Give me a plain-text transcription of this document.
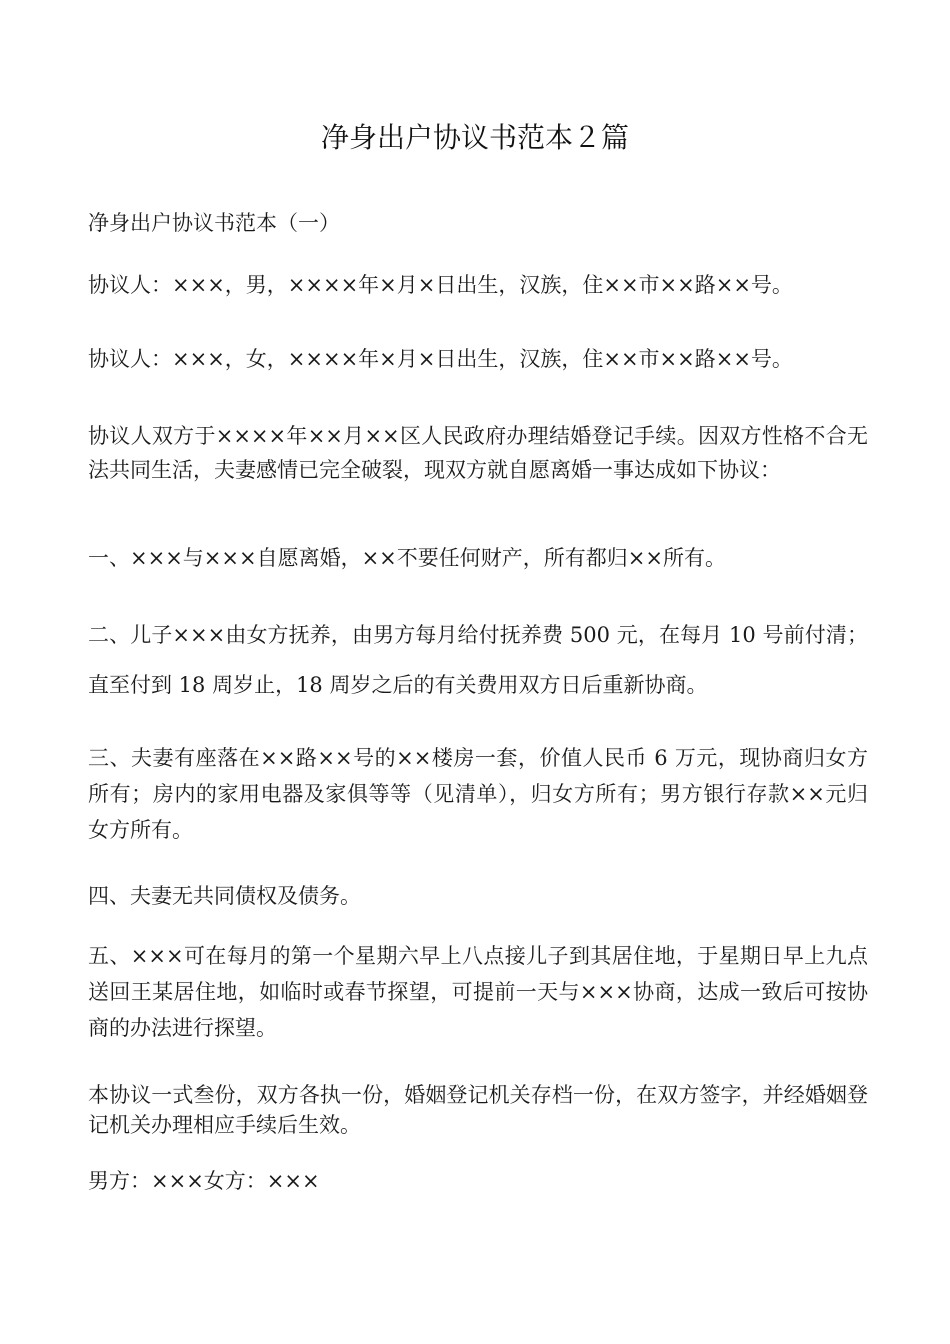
净身出户协议书范本２篇

净身出户协议书范本（一）

协议人：×××，男，××××年×月×日出生，汉族，住××市××路××号。

协议人：×××，女，××××年×月×日出生，汉族，住××市××路××号。

协议人双方于××××年××月××区人民政府办理结婚登记手续。因双方性格不合无法共同生活，夫妻感情已完全破裂，现双方就自愿离婚一事达成如下协议：

一、×××与×××自愿离婚，××不要任何财产，所有都归××所有。

二、儿子×××由女方抚养，由男方每月给付抚养费 500 元，在每月 10 号前付清；直至付到 18 周岁止，18 周岁之后的有关费用双方日后重新协商。

三、夫妻有座落在××路××号的××楼房一套，价值人民币 6 万元，现协商归女方所有；房内的家用电器及家俱等等（见清单），归女方所有；男方银行存款××元归女方所有。

四、夫妻无共同债权及债务。

五、×××可在每月的第一个星期六早上八点接儿子到其居住地，于星期日早上九点送回王某居住地，如临时或春节探望，可提前一天与×××协商，达成一致后可按协商的办法进行探望。

本协议一式叁份，双方各执一份，婚姻登记机关存档一份，在双方签字，并经婚姻登记机关办理相应手续后生效。

男方：×××女方：×××
